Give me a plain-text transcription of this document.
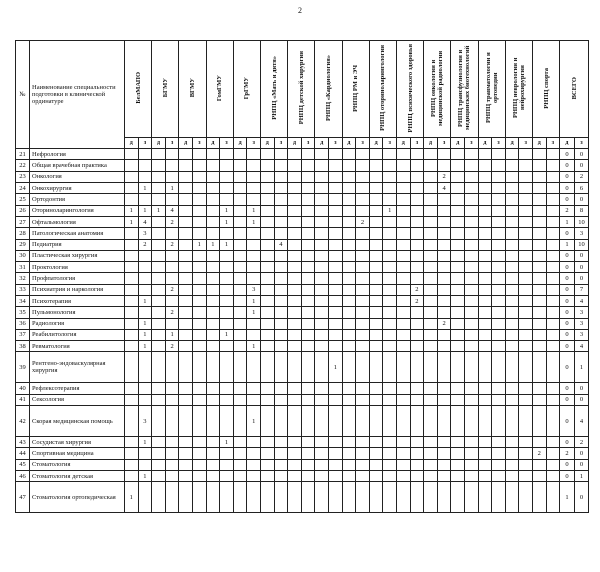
2
№	Наименование специальности подготовки в клинической ординатуре	БелМАПО		БГМУ		ВГМУ		ГомГМУ		ГрГМУ		РНПЦ «Мать и дитя»		РНПЦ детской хирургии		РНПЦ «Кардиология»		РНПЦ РМ и ЭЧ		РНПЦ оториноларингологии		РНПЦ психического здоровья		РНПЦ онкологии и медицинской радиологии		РНПЦ трансфузиологии и медицинских биотехнологий		РНПЦ травматологии и ортопедии		РНПЦ неврологии и нейрохирургии		РНПЦ спорта		ВСЕГО	
		д	з	д	з	д	з	д	з	д	з	д	з	д	з	д	з	д	з	д	з	д	з	д	з	д	з	д	з	д	з	д	з	д	з
21	Нефрология																																	0	0
22	Общая врачебная практика																																	0	0
23	Онкология																								2									0	2
24	Онкохирургия		1		1																				4									0	6
25	Ортодонтия																																	0	0
26	Оториноларингология	1	1	1	4				1		1										1													2	8
27	Офтальмология	1	4		2				1		1								2															1	10
28	Патологическая анатомия		3																															0	3
29	Педиатрия		2		2		1	1	1				4																					1	10
30	Пластическая хирургия																																	0	0
31	Проктология																																	0	0
32	Профпатология																																	0	0
33	Психиатрия и наркология				2						3												2											0	7
34	Психотерапия		1								1												2											0	4
35	Пульмонология				2						1																							0	3
36	Радиология		1																						2									0	3
37	Реабилитология		1		1				1																									0	3
38	Ревматология		1		2						1																							0	4
39	Рентгено-эндоваскулярная хирургия																1																	0	1
40	Рефлексотерапия																																	0	0
41	Сексология																																	0	0
42	Скорая медицинская помощь		3								1																							0	4
43	Сосудистая хирургия		1						1																									0	2
44	Спортивная медицина																															2		2	0
45	Стоматология																																	0	0
46	Стоматология детская		1																															0	1
47	Стоматология ортопедическая	1																																1	0
